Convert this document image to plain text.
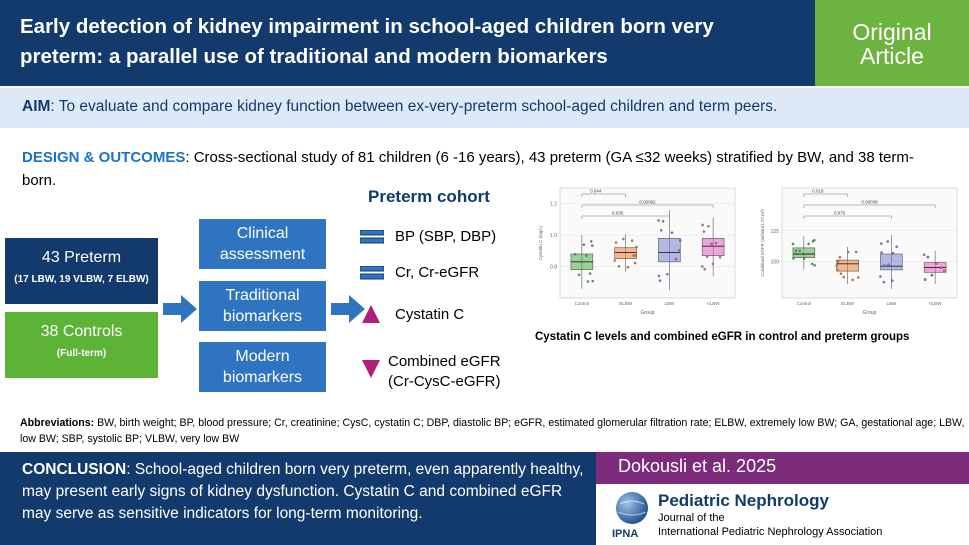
Early detection of kidney impairment in school-aged children born very preterm: a parallel use of traditional and modern biomarkers
Original
Article
AIM: To evaluate and compare kidney function between ex-very-preterm school-aged children and term peers.
DESIGN & OUTCOMES: Cross-sectional study of 81 children (6 -16 years), 43 preterm (GA ≤32 weeks) stratified by BW, and 38 term-born.
43 Preterm
(17 LBW, 19 VLBW, 7 ELBW)
38 Controls
(Full-term)
Clinical assessment
Traditional biomarkers
Modern biomarkers
Preterm cohort
BP (SBP, DBP)
Cr, Cr-eGFR
Cystatin C
Combined eGFR
(Cr-CysC-eGFR)
0.8
1.0
1.2
Cystatin C (mg/L)
Group
Control	ELBW	LBW	VLBW
0.044
0.00092
0.035
100
125
Combined eGFR (ml/min/1.73 m²)
Group
Control	ELBW	LBW	VLBW
0.019
0.00038
0.075
Cystatin C levels and combined eGFR in control and preterm groups
Abbreviations: BW, birth weight; BP, blood pressure; Cr, creatinine; CysC, cystatin C; DBP, diastolic BP; eGFR, estimated glomerular filtration rate; ELBW, extremely low BW; GA, gestational age; LBW, low BW; SBP, systolic BP; VLBW, very low BW
CONCLUSION: School-aged children born very preterm, even apparently healthy, may present early signs of kidney dysfunction. Cystatin C and combined eGFR may serve as sensitive indicators for long-term monitoring.
Dokousli et al. 2025
IPNA
Pediatric Nephrology
Journal of the
International Pediatric Nephrology Association
